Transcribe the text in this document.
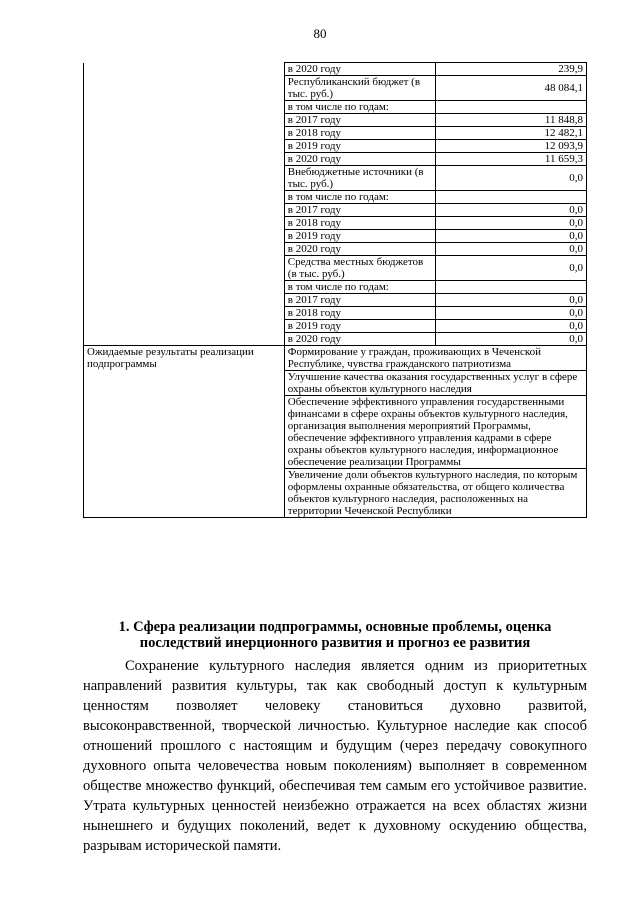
80
	в 2020 году	239,9
	Республиканский бюджет (в тыс. руб.)	48 084,1
	в том числе по годам:	
	в 2017 году	11 848,8
	в 2018 году	12 482,1
	в 2019 году	12 093,9
	в 2020 году	11 659,3
	Внебюджетные источники (в тыс. руб.)	0,0
	в том числе по годам:	
	в 2017 году	0,0
	в 2018 году	0,0
	в 2019 году	0,0
	в 2020 году	0,0
	Средства местных бюджетов (в тыс. руб.)	0,0
	в том числе по годам:	
	в 2017 году	0,0
	в 2018 году	0,0
	в 2019 году	0,0
	в 2020 году	0,0
Ожидаемые результаты реализации подпрограммы	Формирование у граждан, проживающих в Чеченской Республике, чувства гражданского патриотизма	
	Улучшение качества оказания государственных услуг в сфере охраны объектов культурного наследия	
	Обеспечение эффективного управления государственными финансами в сфере охраны объектов культурного наследия, организация выполнения мероприятий Программы, обеспечение эффективного управления кадрами в сфере охраны объектов культурного наследия, информационное обеспечение реализации Программы	
	Увеличение доли объектов культурного наследия, по которым оформлены охранные обязательства, от общего количества объектов культурного наследия, расположенных на территории Чеченской Республики	
1. Сфера реализации подпрограммы, основные проблемы, оценка последствий инерционного развития и прогноз ее развития

Сохранение культурного наследия является одним из приоритетных направлений развития культуры, так как свободный доступ к культурным ценностям позволяет человеку становиться духовно развитой, высоконравственной, творческой личностью. Культурное наследие как способ отношений прошлого с настоящим и будущим (через передачу совокупного духовного опыта человечества новым поколениям) выполняет в современном обществе множество функций, обеспечивая тем самым его устойчивое развитие. Утрата культурных ценностей неизбежно отражается на всех областях жизни нынешнего и будущих поколений, ведет к духовному оскудению общества, разрывам исторической памяти.
